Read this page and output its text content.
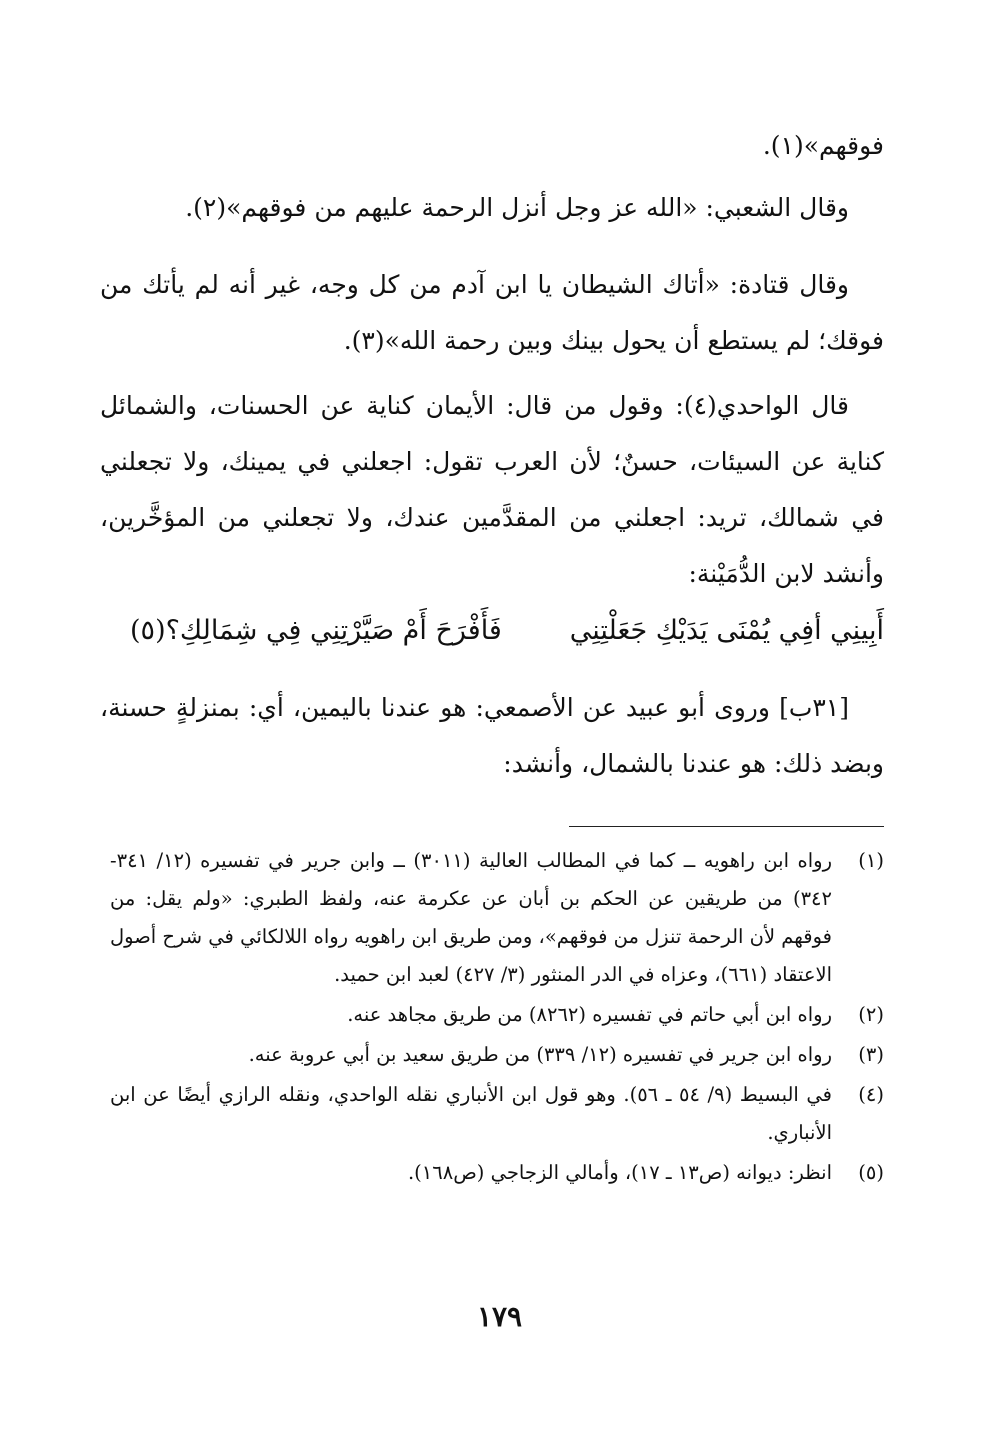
فوقهم»(١).

وقال الشعبي: «الله عز وجل أنزل الرحمة عليهم من فوقهم»(٢).

وقال قتادة: «أتاك الشيطان يا ابن آدم من كل وجه، غير أنه لم يأتك من فوقك؛ لم يستطع أن يحول بينك وبين رحمة الله»(٣).

قال الواحدي(٤): وقول من قال: الأيمان كناية عن الحسنات، والشمائل كناية عن السيئات، حسنٌ؛ لأن العرب تقول: اجعلني في يمينك، ولا تجعلني في شمالك، تريد: اجعلني من المقدَّمين عندك، ولا تجعلني من المؤخَّرين، وأنشد لابن الدُّمَيْنة:

أَبِينِي أفِي يُمْنَى يَدَيْكِ جَعَلْتِنِي
فَأَفْرَحَ أَمْ صَيَّرْتِنِي فِي شِمَالِكِ؟(٥)

[٣١ب] وروى أبو عبيد عن الأصمعي: هو عندنا باليمين، أي: بمنزلةٍ حسنة، وبضد ذلك: هو عندنا بالشمال، وأنشد:

(١)
رواه ابن راهويه ــ كما في المطالب العالية (٣٠١١) ــ وابن جرير في تفسيره (١٢/ ٣٤١- ٣٤٢) من طريقين عن الحكم بن أبان عن عكرمة عنه، ولفظ الطبري: «ولم يقل: من فوقهم لأن الرحمة تنزل من فوقهم»، ومن طريق ابن راهويه رواه اللالكائي في شرح أصول الاعتقاد (٦٦١)، وعزاه في الدر المنثور (٣/ ٤٢٧) لعبد ابن حميد.
(٢)
رواه ابن أبي حاتم في تفسيره (٨٢٦٢) من طريق مجاهد عنه.
(٣)
رواه ابن جرير في تفسيره (١٢/ ٣٣٩) من طريق سعيد بن أبي عروبة عنه.
(٤)
في البسيط (٩/ ٥٤ ـ ٥٦). وهو قول ابن الأنباري نقله الواحدي، ونقله الرازي أيضًا عن ابن الأنباري.
(٥)
انظر: ديوانه (ص١٣ ـ ١٧)، وأمالي الزجاجي (ص١٦٨).
١٧٩
